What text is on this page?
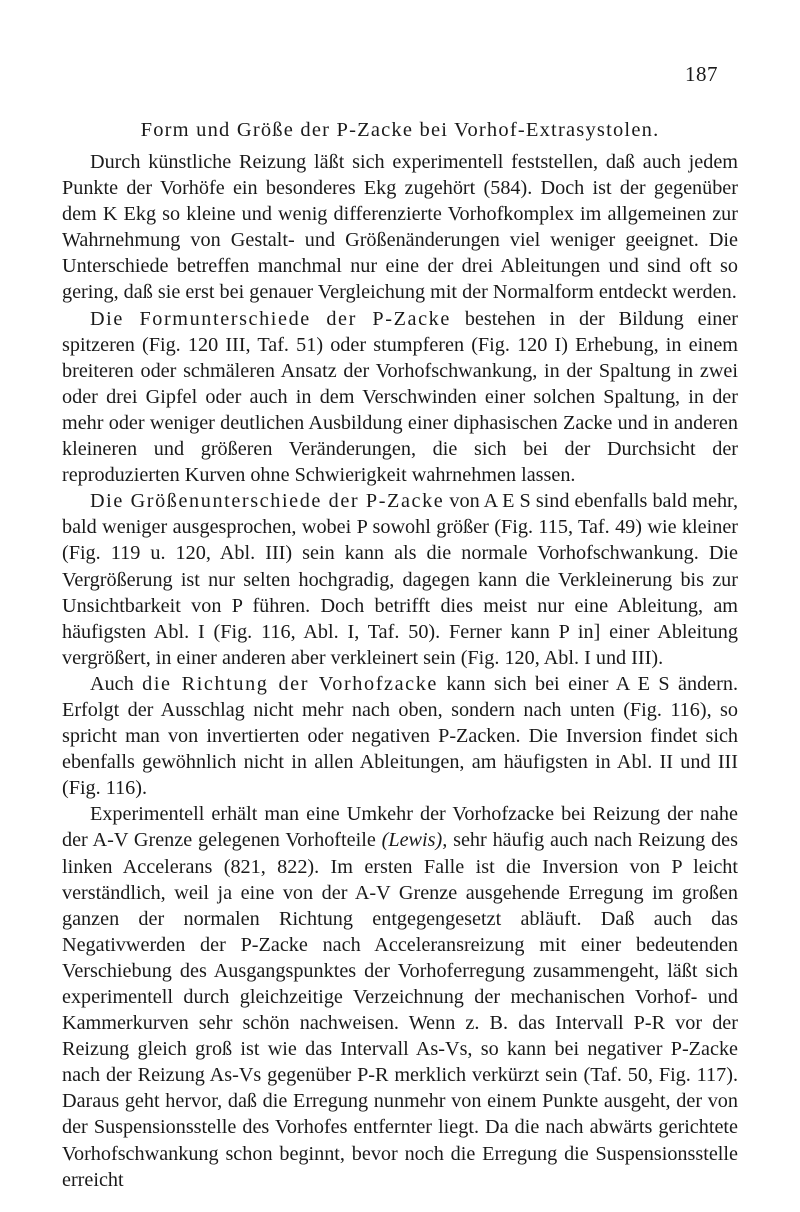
187
Form und Größe der P-Zacke bei Vorhof-Extrasystolen.

Durch künstliche Reizung läßt sich experimentell feststellen, daß auch jedem Punkte der Vorhöfe ein besonderes Ekg zugehört (584). Doch ist der gegenüber dem K Ekg so kleine und wenig differenzierte Vorhofkomplex im allgemeinen zur Wahrnehmung von Gestalt- und Größenänderungen viel weniger geeignet. Die Unterschiede betreffen manchmal nur eine der drei Ableitungen und sind oft so gering, daß sie erst bei genauer Vergleichung mit der Normalform entdeckt werden.

Die Formunterschiede der P-Zacke bestehen in der Bildung einer spitzeren (Fig. 120 III, Taf. 51) oder stumpferen (Fig. 120 I) Erhebung, in einem breiteren oder schmäleren Ansatz der Vorhofschwankung, in der Spaltung in zwei oder drei Gipfel oder auch in dem Verschwinden einer solchen Spaltung, in der mehr oder weniger deutlichen Ausbildung einer diphasischen Zacke und in anderen kleineren und größeren Veränderungen, die sich bei der Durchsicht der reproduzierten Kurven ohne Schwierigkeit wahrnehmen lassen.

Die Größenunterschiede der P-Zacke von A E S sind ebenfalls bald mehr, bald weniger ausgesprochen, wobei P sowohl größer (Fig. 115, Taf. 49) wie kleiner (Fig. 119 u. 120, Abl. III) sein kann als die normale Vorhofschwankung. Die Vergrößerung ist nur selten hochgradig, dagegen kann die Verkleinerung bis zur Unsichtbarkeit von P führen. Doch betrifft dies meist nur eine Ableitung, am häufigsten Abl. I (Fig. 116, Abl. I, Taf. 50). Ferner kann P in] einer Ableitung vergrößert, in einer anderen aber verkleinert sein (Fig. 120, Abl. I und III).

Auch die Richtung der Vorhofzacke kann sich bei einer A E S ändern. Erfolgt der Ausschlag nicht mehr nach oben, sondern nach unten (Fig. 116), so spricht man von invertierten oder negativen P-Zacken. Die Inversion findet sich ebenfalls gewöhnlich nicht in allen Ableitungen, am häufigsten in Abl. II und III (Fig. 116).

Experimentell erhält man eine Umkehr der Vorhofzacke bei Reizung der nahe der A-V Grenze gelegenen Vorhofteile (Lewis), sehr häufig auch nach Reizung des linken Accelerans (821, 822). Im ersten Falle ist die Inversion von P leicht verständlich, weil ja eine von der A-V Grenze ausgehende Erregung im großen ganzen der normalen Richtung entgegengesetzt abläuft. Daß auch das Negativwerden der P-Zacke nach Acceleransreizung mit einer bedeutenden Verschiebung des Ausgangspunktes der Vorhoferregung zusammengeht, läßt sich experimentell durch gleichzeitige Verzeichnung der mechanischen Vorhof- und Kammerkurven sehr schön nachweisen. Wenn z. B. das Intervall P-R vor der Reizung gleich groß ist wie das Intervall As-Vs, so kann bei negativer P-Zacke nach der Reizung As-Vs gegenüber P-R merklich verkürzt sein (Taf. 50, Fig. 117). Daraus geht hervor, daß die Erregung nunmehr von einem Punkte ausgeht, der von der Suspensionsstelle des Vorhofes entfernter liegt. Da die nach abwärts gerichtete Vorhofschwankung schon beginnt, bevor noch die Erregung die Suspensionsstelle erreicht
